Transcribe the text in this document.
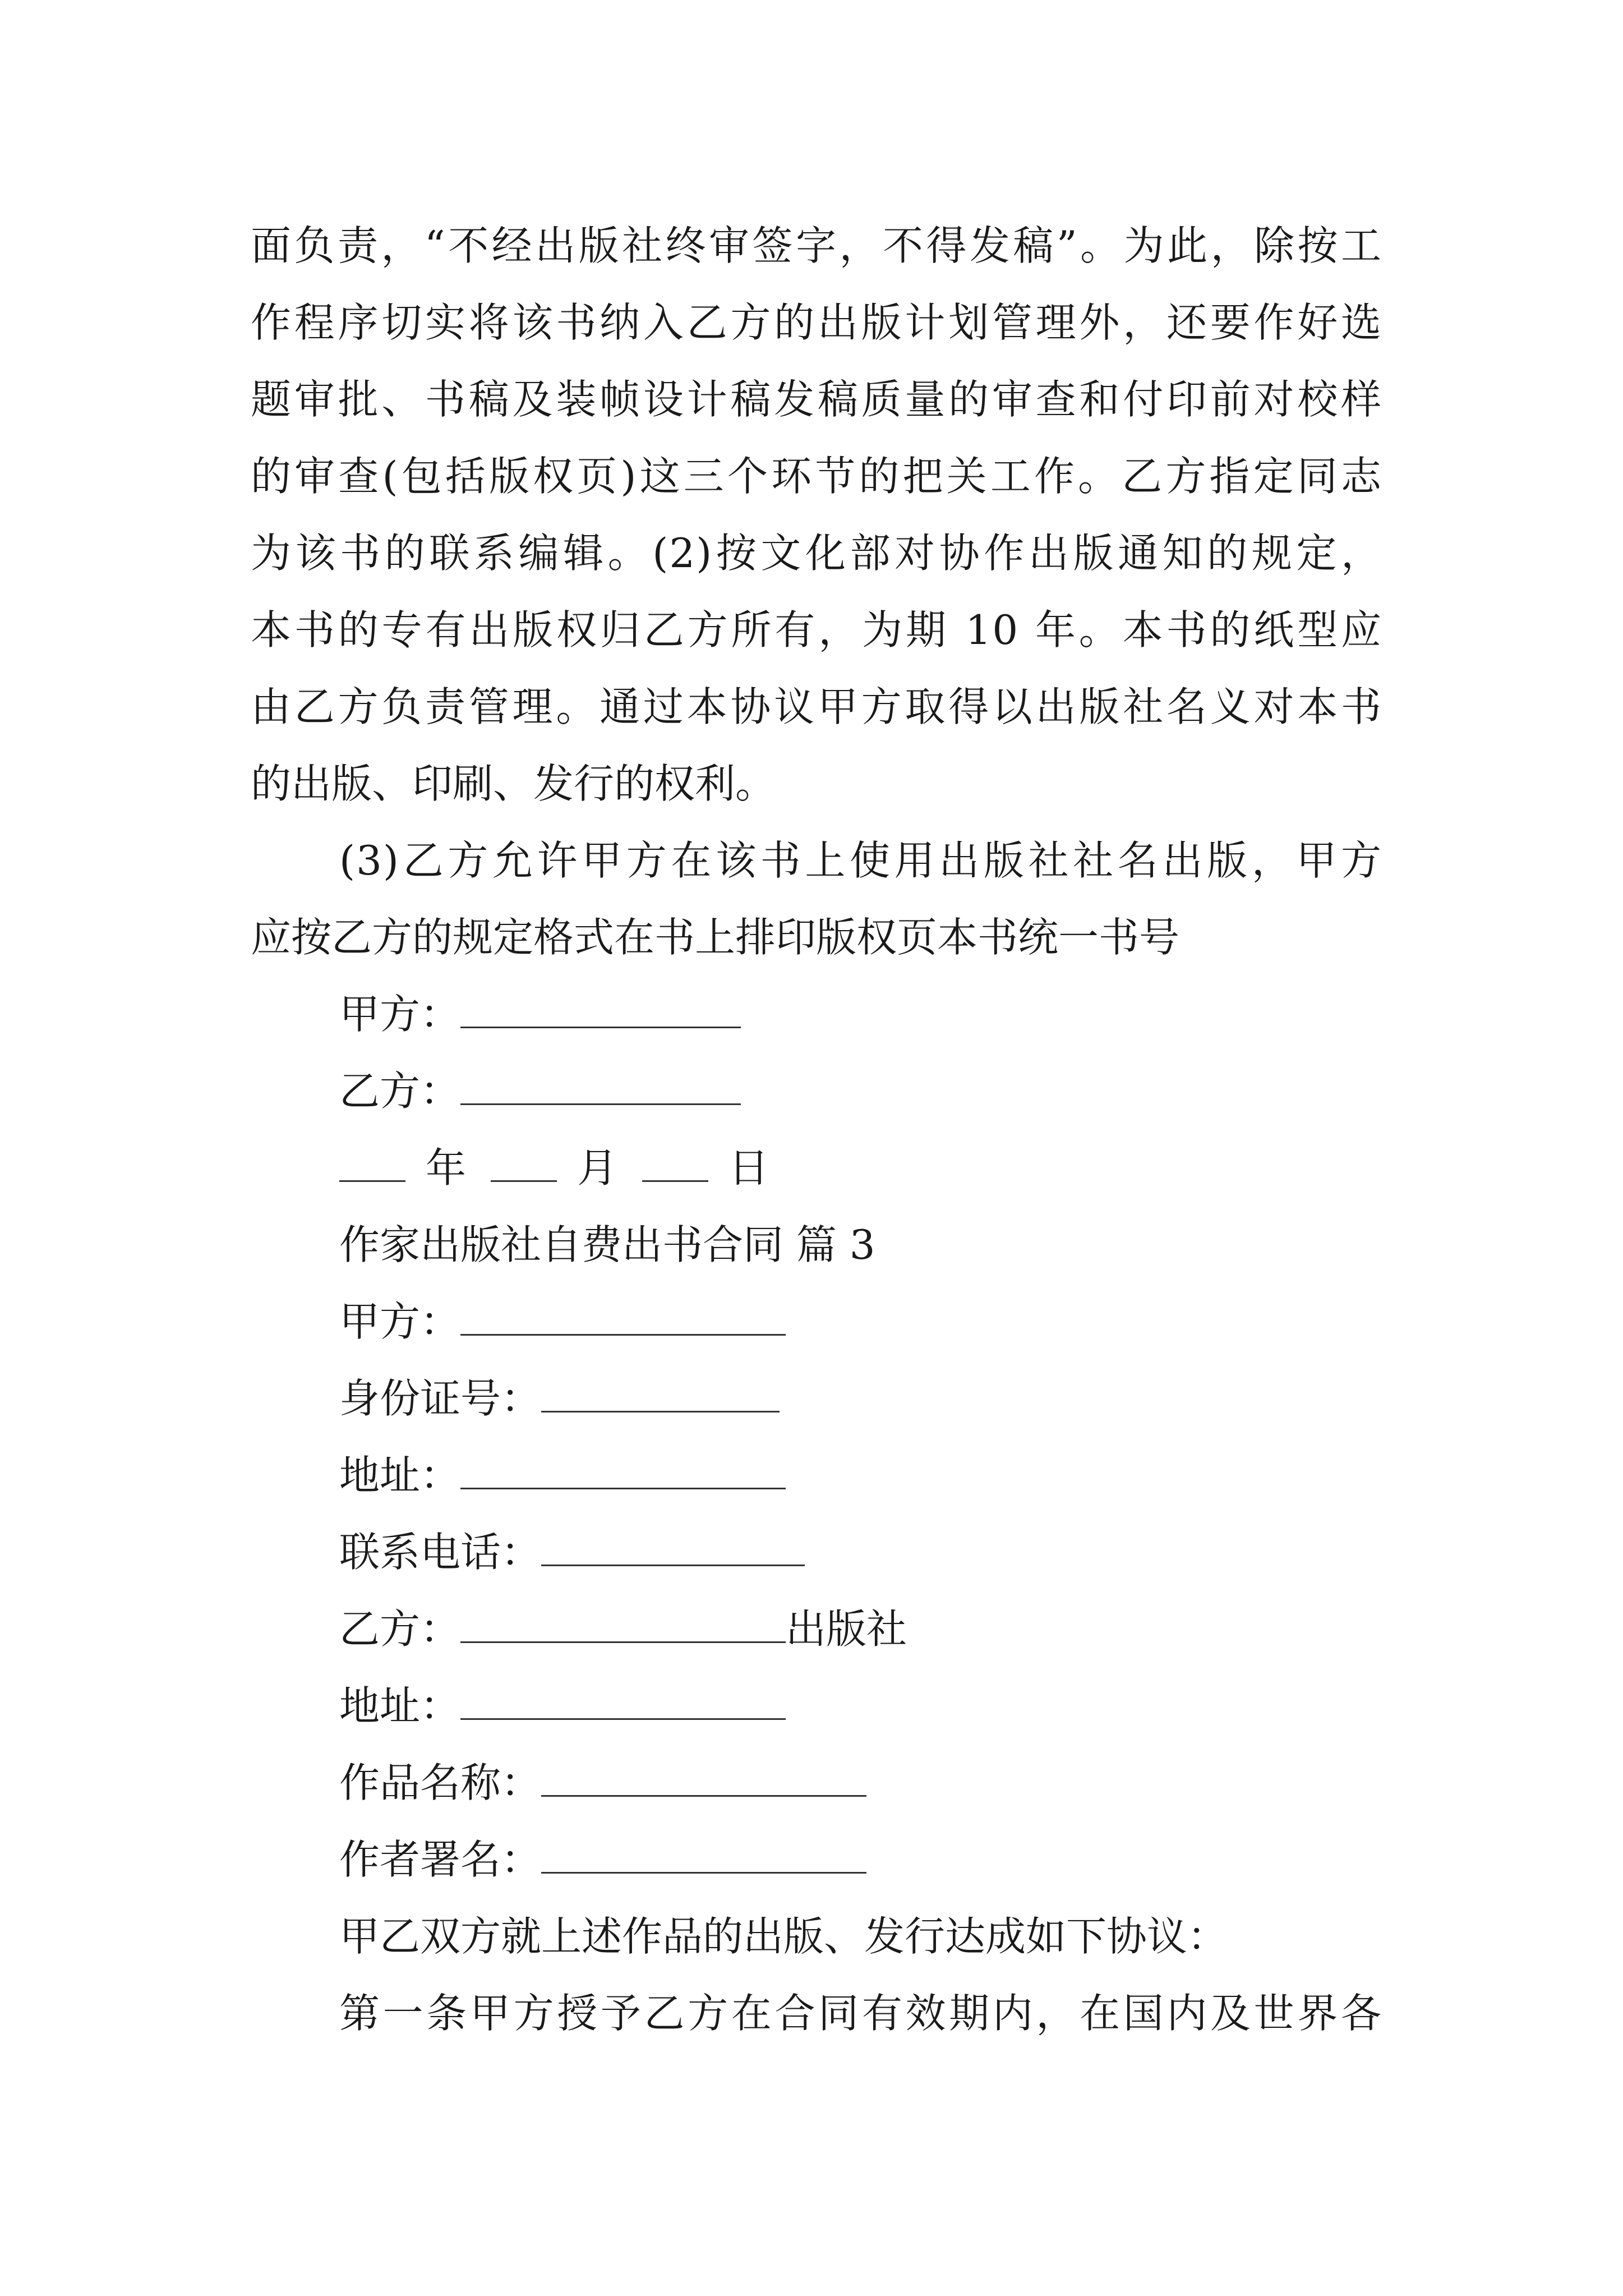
面负责，“不经出版社终审签字，不得发稿”。为此，除按工
作程序切实将该书纳入乙方的出版计划管理外，还要作好选
题审批、书稿及装帧设计稿发稿质量的审查和付印前对校样
的审查(包括版权页)这三个环节的把关工作。乙方指定同志
为该书的联系编辑。(2)按文化部对协作出版通知的规定，
本书的专有出版权归乙方所有，为期 10 年。本书的纸型应
由乙方负责管理。通过本协议甲方取得以出版社名义对本书
的出版、印刷、发行的权利。
(3)乙方允许甲方在该书上使用出版社社名出版，甲方
应按乙方的规定格式在书上排印版权页本书统一书号
甲方：
乙方：
年	月	日
作家出版社自费出书合同 篇 3
甲方：
身份证号：
地址：
联系电话：
乙方：	出版社
地址：
作品名称：
作者署名：
甲乙双方就上述作品的出版、发行达成如下协议：
第一条甲方授予乙方在合同有效期内，在国内及世界各
